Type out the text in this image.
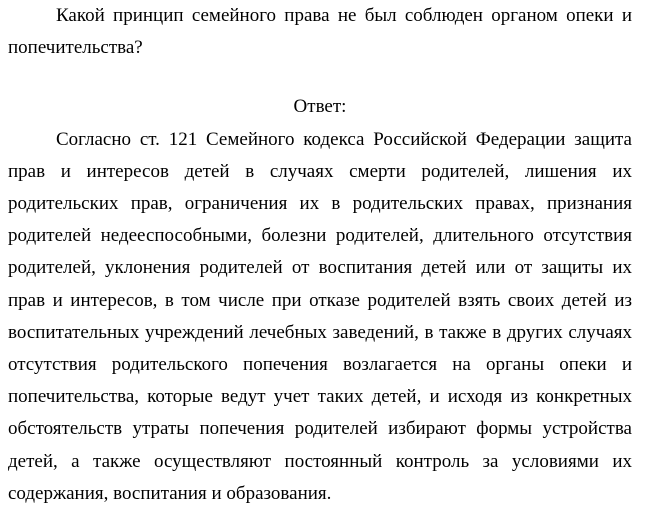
Какой принцип семейного права не был соблюден органом опеки и попечительства?

Ответ:

Согласно ст. 121 Семейного кодекса Российской Федерации защита прав и интересов детей в случаях смерти родителей, лишения их родительских прав, ограничения их в родительских правах, признания родителей недееспособными, болезни родителей, длительного отсутствия родителей, уклонения родителей от воспитания детей или от защиты их прав и интересов, в том числе при отказе родителей взять своих детей из воспитательных учреждений лечебных заведений, в также в других случаях отсутствия родительского попечения возлагается на органы опеки и попечительства, которые ведут учет таких детей, и исходя из конкретных обстоятельств утраты попечения родителей избирают формы устройства детей, а также осуществляют постоянный контроль за условиями их содержания, воспитания и образования.
